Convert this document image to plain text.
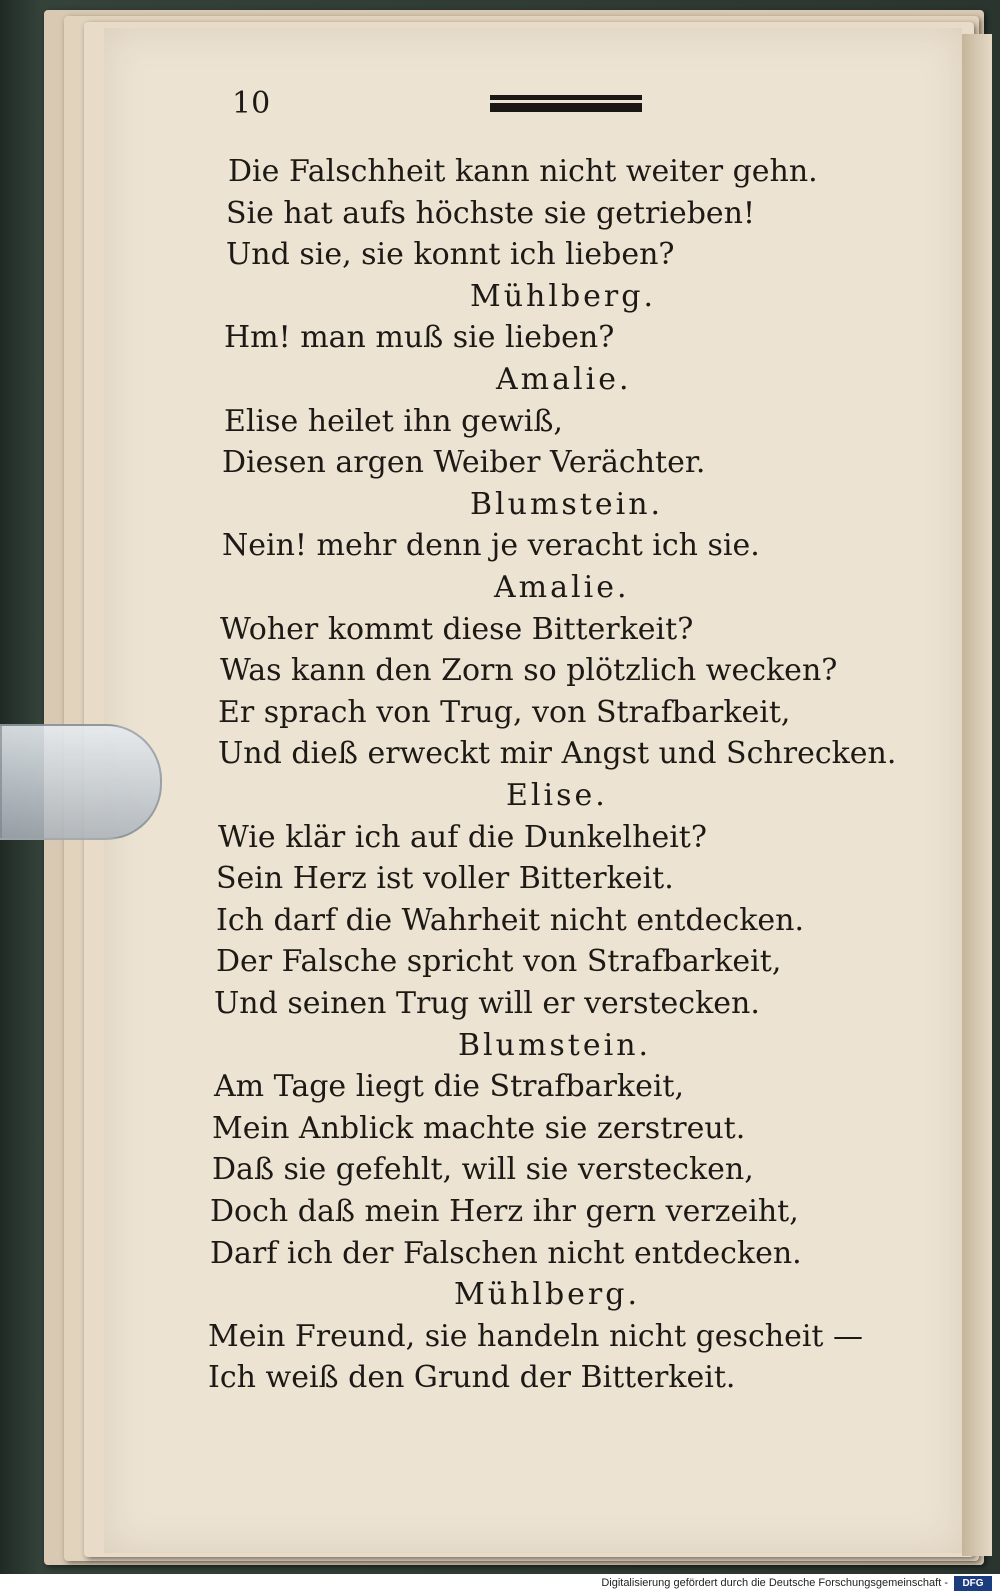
10

Die Falschheit kann nicht weiter gehn.

Sie hat aufs höchste sie getrieben!

Und sie, sie konnt ich lieben?

Mühlberg.

Hm! man muß sie lieben?

Amalie.

Elise heilet ihn gewiß,

Diesen argen Weiber Verächter.

Blumstein.

Nein! mehr denn je veracht ich sie.

Amalie.

Woher kommt diese Bitterkeit?

Was kann den Zorn so plötzlich wecken?

Er sprach von Trug, von Strafbarkeit,

Und dieß erweckt mir Angst und Schrecken.

Elise.

Wie klär ich auf die Dunkelheit?

Sein Herz ist voller Bitterkeit.

Ich darf die Wahrheit nicht entdecken.

Der Falsche spricht von Strafbarkeit,

Und seinen Trug will er verstecken.

Blumstein.

Am Tage liegt die Strafbarkeit,

Mein Anblick machte sie zerstreut.

Daß sie gefehlt, will sie verstecken,

Doch daß mein Herz ihr gern verzeiht,

Darf ich der Falschen nicht entdecken.

Mühlberg.

Mein Freund, sie handeln nicht gescheit —

Ich weiß den Grund der Bitterkeit.

Digitalisierung gefördert durch die Deutsche Forschungsgemeinschaft -	DFG
